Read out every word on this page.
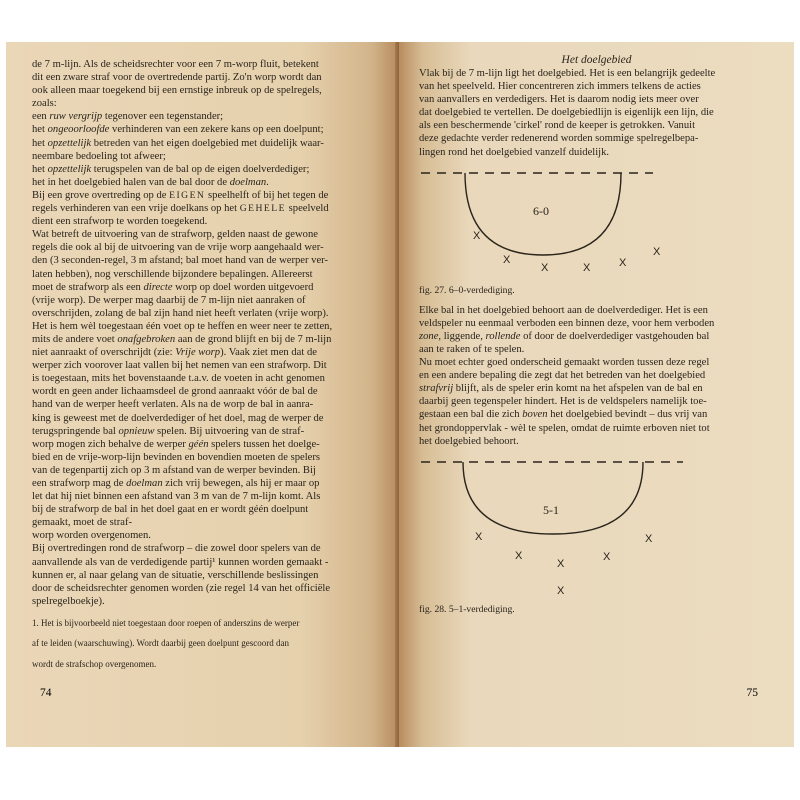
de 7 m-lijn. Als de scheidsrechter voor een 7 m-worp fluit, betekent

dit een zware straf voor de overtredende partij. Zo'n worp wordt dan

ook alleen maar toegekend bij een ernstige inbreuk op de spelregels,

zoals:

een ruw vergrijp tegenover een tegenstander;

het ongeoorloofde verhinderen van een zekere kans op een doelpunt;

het opzettelijk betreden van het eigen doelgebied met duidelijk waar-

neembare bedoeling tot afweer;

het opzettelijk terugspelen van de bal op de eigen doelverdediger;

het in het doelgebied halen van de bal door de doelman.

Bij een grove overtreding op de EIGEN speelhelft of bij het tegen de

regels verhinderen van een vrije doelkans op het GEHELE speelveld

dient een strafworp te worden toegekend.

Wat betreft de uitvoering van de strafworp, gelden naast de gewone

regels die ook al bij de uitvoering van de vrije worp aangehaald wer-

den (3 seconden-regel, 3 m afstand; bal moet hand van de werper ver-

laten hebben), nog verschillende bijzondere bepalingen. Allereerst

moet de strafworp als een directe worp op doel worden uitgevoerd

(vrije worp). De werper mag daarbij de 7 m-lijn niet aanraken of

overschrijden, zolang de bal zijn hand niet heeft verlaten (vrije worp).

Het is hem wèl toegestaan één voet op te heffen en weer neer te zetten,

mits de andere voet onafgebroken aan de grond blijft en bij de 7 m-lijn

niet aanraakt of overschrijdt (zie: Vrije worp). Vaak ziet men dat de

werper zich voorover laat vallen bij het nemen van een strafworp. Dit

is toegestaan, mits het bovenstaande t.a.v. de voeten in acht genomen

wordt en geen ander lichaamsdeel de grond aanraakt vóór de bal de

hand van de werper heeft verlaten. Als na de worp de bal in aanra-

king is geweest met de doelverdediger of het doel, mag de werper de

terugspringende bal opnieuw spelen. Bij uitvoering van de straf-

worp mogen zich behalve de werper géén spelers tussen het doelge-

bied en de vrije-worp-lijn bevinden en bovendien moeten de spelers

van de tegenpartij zich op 3 m afstand van de werper bevinden. Bij

een strafworp mag de doelman zich vrij bewegen, als hij er maar op

let dat hij niet binnen een afstand van 3 m van de 7 m-lijn komt. Als

bij de strafworp de bal in het doel gaat en er wordt géén doelpunt

gemaakt, moet de straf-

worp worden overgenomen.

Bij overtredingen rond de strafworp – die zowel door spelers van de

aanvallende als van de verdedigende partij¹ kunnen worden gemaakt -

kunnen er, al naar gelang van de situatie, verschillende beslissingen

door de scheidsrechter genomen worden (zie regel 14 van het officiële

spelregelboekje).

1. Het is bijvoorbeeld niet toegestaan door roepen of anderszins de werper

af te leiden (waarschuwing). Wordt daarbij geen doelpunt gescoord dan

wordt de strafschop overgenomen.

Het doelgebied

Vlak bij de 7 m-lijn ligt het doelgebied. Het is een belangrijk gedeelte

van het speelveld. Hier concentreren zich immers telkens de acties

van aanvallers en verdedigers. Het is daarom nodig iets meer over

dat doelgebied te vertellen. De doelgebiedlijn is eigenlijk een lijn, die

als een beschermende 'cirkel' rond de keeper is getrokken. Vanuit

deze gedachte verder redenerend worden sommige spelregelbepa-

lingen rond het doelgebied vanzelf duidelijk.

6-0
X
X
X	X	X
X
fig. 27. 6–0-verdediging.

Elke bal in het doelgebied behoort aan de doelverdediger. Het is een

veldspeler nu eenmaal verboden een binnen deze, voor hem verboden

zone, liggende, rollende of door de doelverdediger vastgehouden bal

aan te raken of te spelen.

Nu moet echter goed onderscheid gemaakt worden tussen deze regel

en een andere bepaling die zegt dat het betreden van het doelgebied

strafvrij blijft, als de speler erin komt na het afspelen van de bal en

daarbij geen tegenspeler hindert. Het is de veldspelers namelijk toe-

gestaan een bal die zich boven het doelgebied bevindt – dus vrij van

het grondoppervlak - wèl te spelen, omdat de ruimte erboven niet tot

het doelgebied behoort.

5-1
X
X
X
X
X
X
fig. 28. 5–1-verdediging.
74	75
